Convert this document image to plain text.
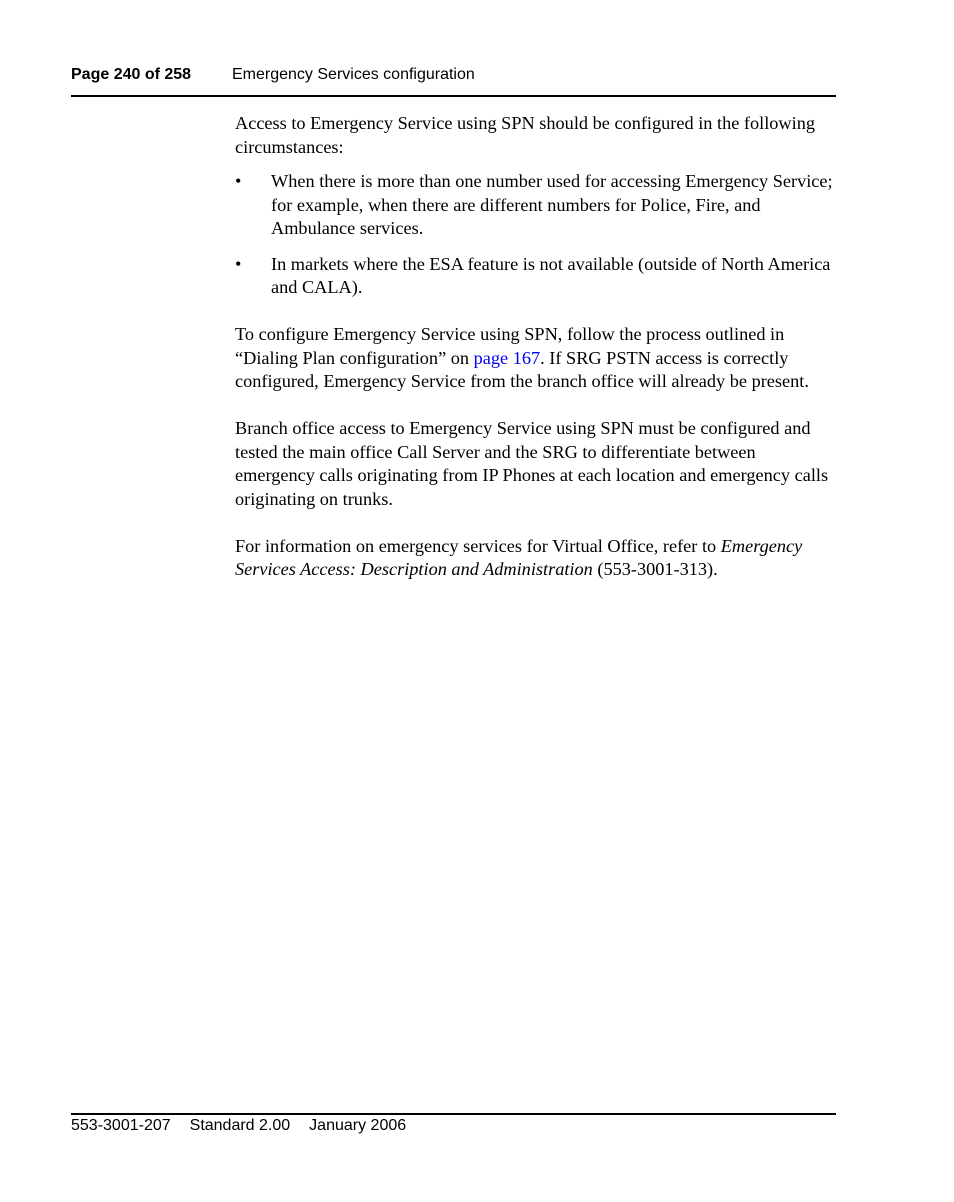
Page 240 of 258	Emergency Services configuration

Access to Emergency Service using SPN should be configured in the following circumstances:

• When there is more than one number used for accessing Emergency Service; for example, when there are different numbers for Police, Fire, and Ambulance services.
• In markets where the ESA feature is not available (outside of North America and CALA).

To configure Emergency Service using SPN, follow the process outlined in “Dialing Plan configuration” on page 167. If SRG PSTN access is correctly configured, Emergency Service from the branch office will already be present.

Branch office access to Emergency Service using SPN must be configured and tested the main office Call Server and the SRG to differentiate between emergency calls originating from IP Phones at each location and emergency calls originating on trunks.

For information on emergency services for Virtual Office, refer to Emergency Services Access: Description and Administration (553-3001-313).

553-3001-207 Standard 2.00 January 2006
